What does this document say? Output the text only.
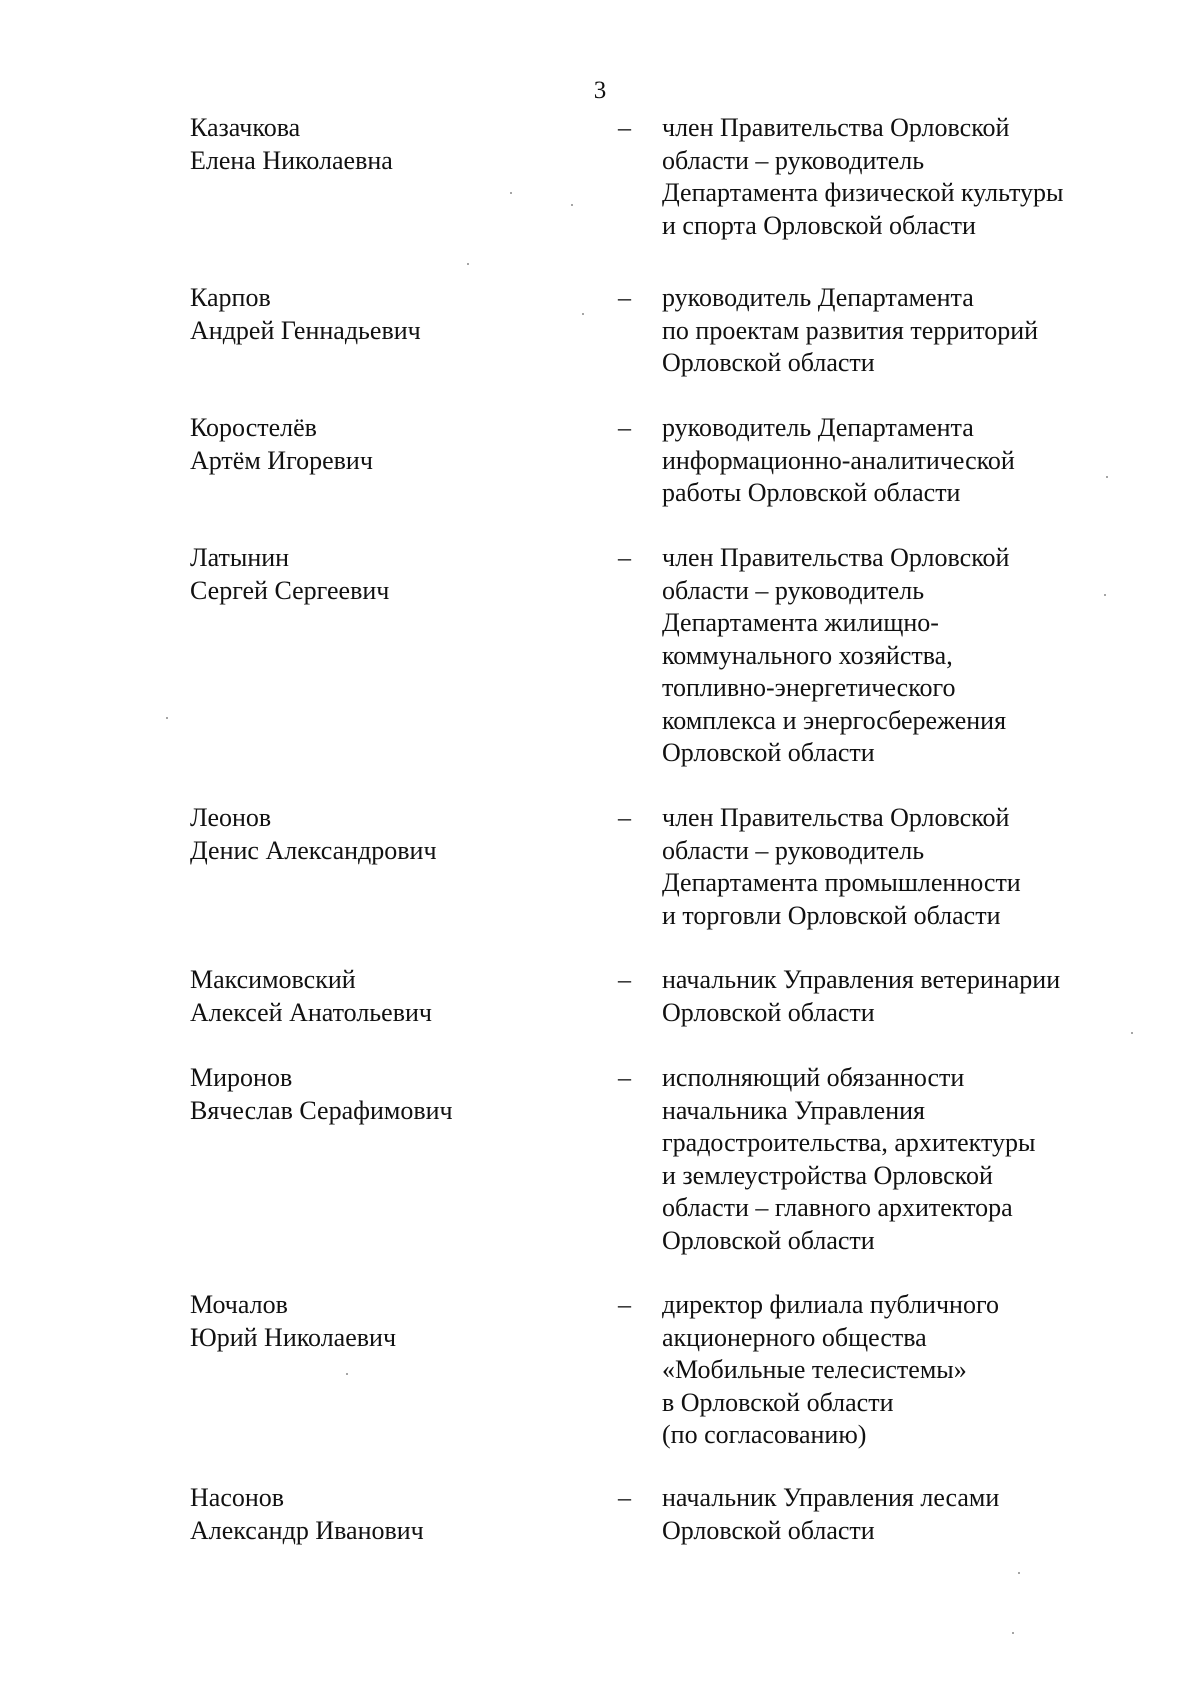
3
Казачкова
Елена Николаевна
– член Правительства Орловской
области – руководитель
Департамента физической культуры
и спорта Орловской области
Карпов
Андрей Геннадьевич
– руководитель Департамента
по проектам развития территорий
Орловской области
Коростелёв
Артём Игоревич
– руководитель Департамента
информационно-аналитической
работы Орловской области
Латынин
Сергей Сергеевич
– член Правительства Орловской
области – руководитель
Департамента жилищно-
коммунального хозяйства,
топливно-энергетического
комплекса и энергосбережения
Орловской области
Леонов
Денис Александрович
– член Правительства Орловской
области – руководитель
Департамента промышленности
и торговли Орловской области
Максимовский
Алексей Анатольевич
– начальник Управления ветеринарии
Орловской области
Миронов
Вячеслав Серафимович
– исполняющий обязанности
начальника Управления
градостроительства, архитектуры
и землеустройства Орловской
области – главного архитектора
Орловской области
Мочалов
Юрий Николаевич
– директор филиала публичного
акционерного общества
«Мобильные телесистемы»
в Орловской области
(по согласованию)
Насонов
Александр Иванович
– начальник Управления лесами
Орловской области
